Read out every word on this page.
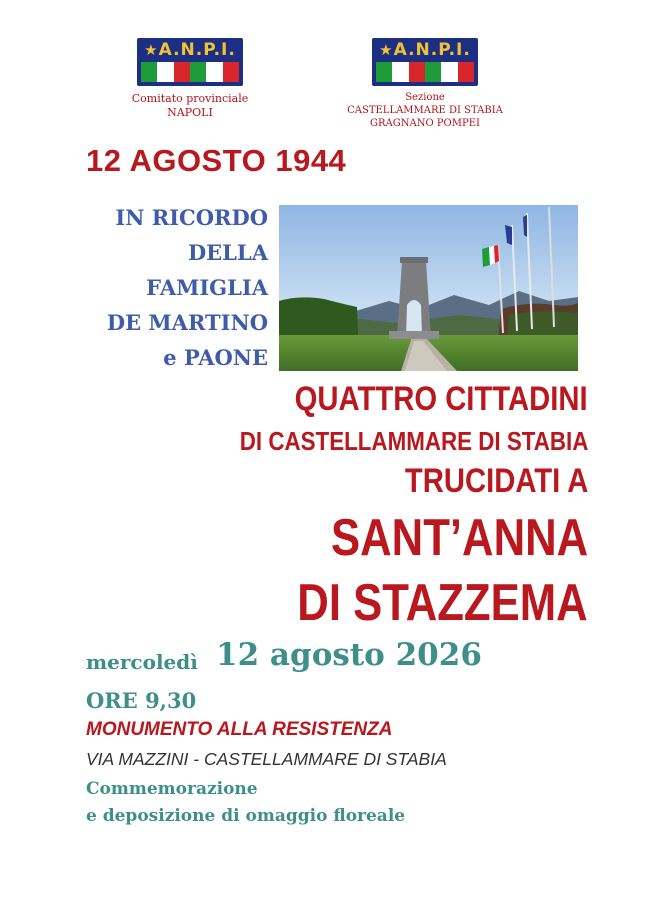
★A.N.P.I.
Comitato provinciale
NAPOLI
★A.N.P.I.
Sezione
CASTELLAMMARE DI STABIA
GRAGNANO POMPEI
12 AGOSTO 1944
IN RICORDO
DELLA
FAMIGLIA
DE MARTINO
e PAONE
QUATTRO CITTADINI
DI CASTELLAMMARE DI STABIA
TRUCIDATI A
SANT’ANNA
DI STAZZEMA
mercoledì 12 agosto 2026
ORE 9,30
MONUMENTO ALLA RESISTENZA
VIA MAZZINI - CASTELLAMMARE DI STABIA
Commemorazione
e deposizione di omaggio floreale
